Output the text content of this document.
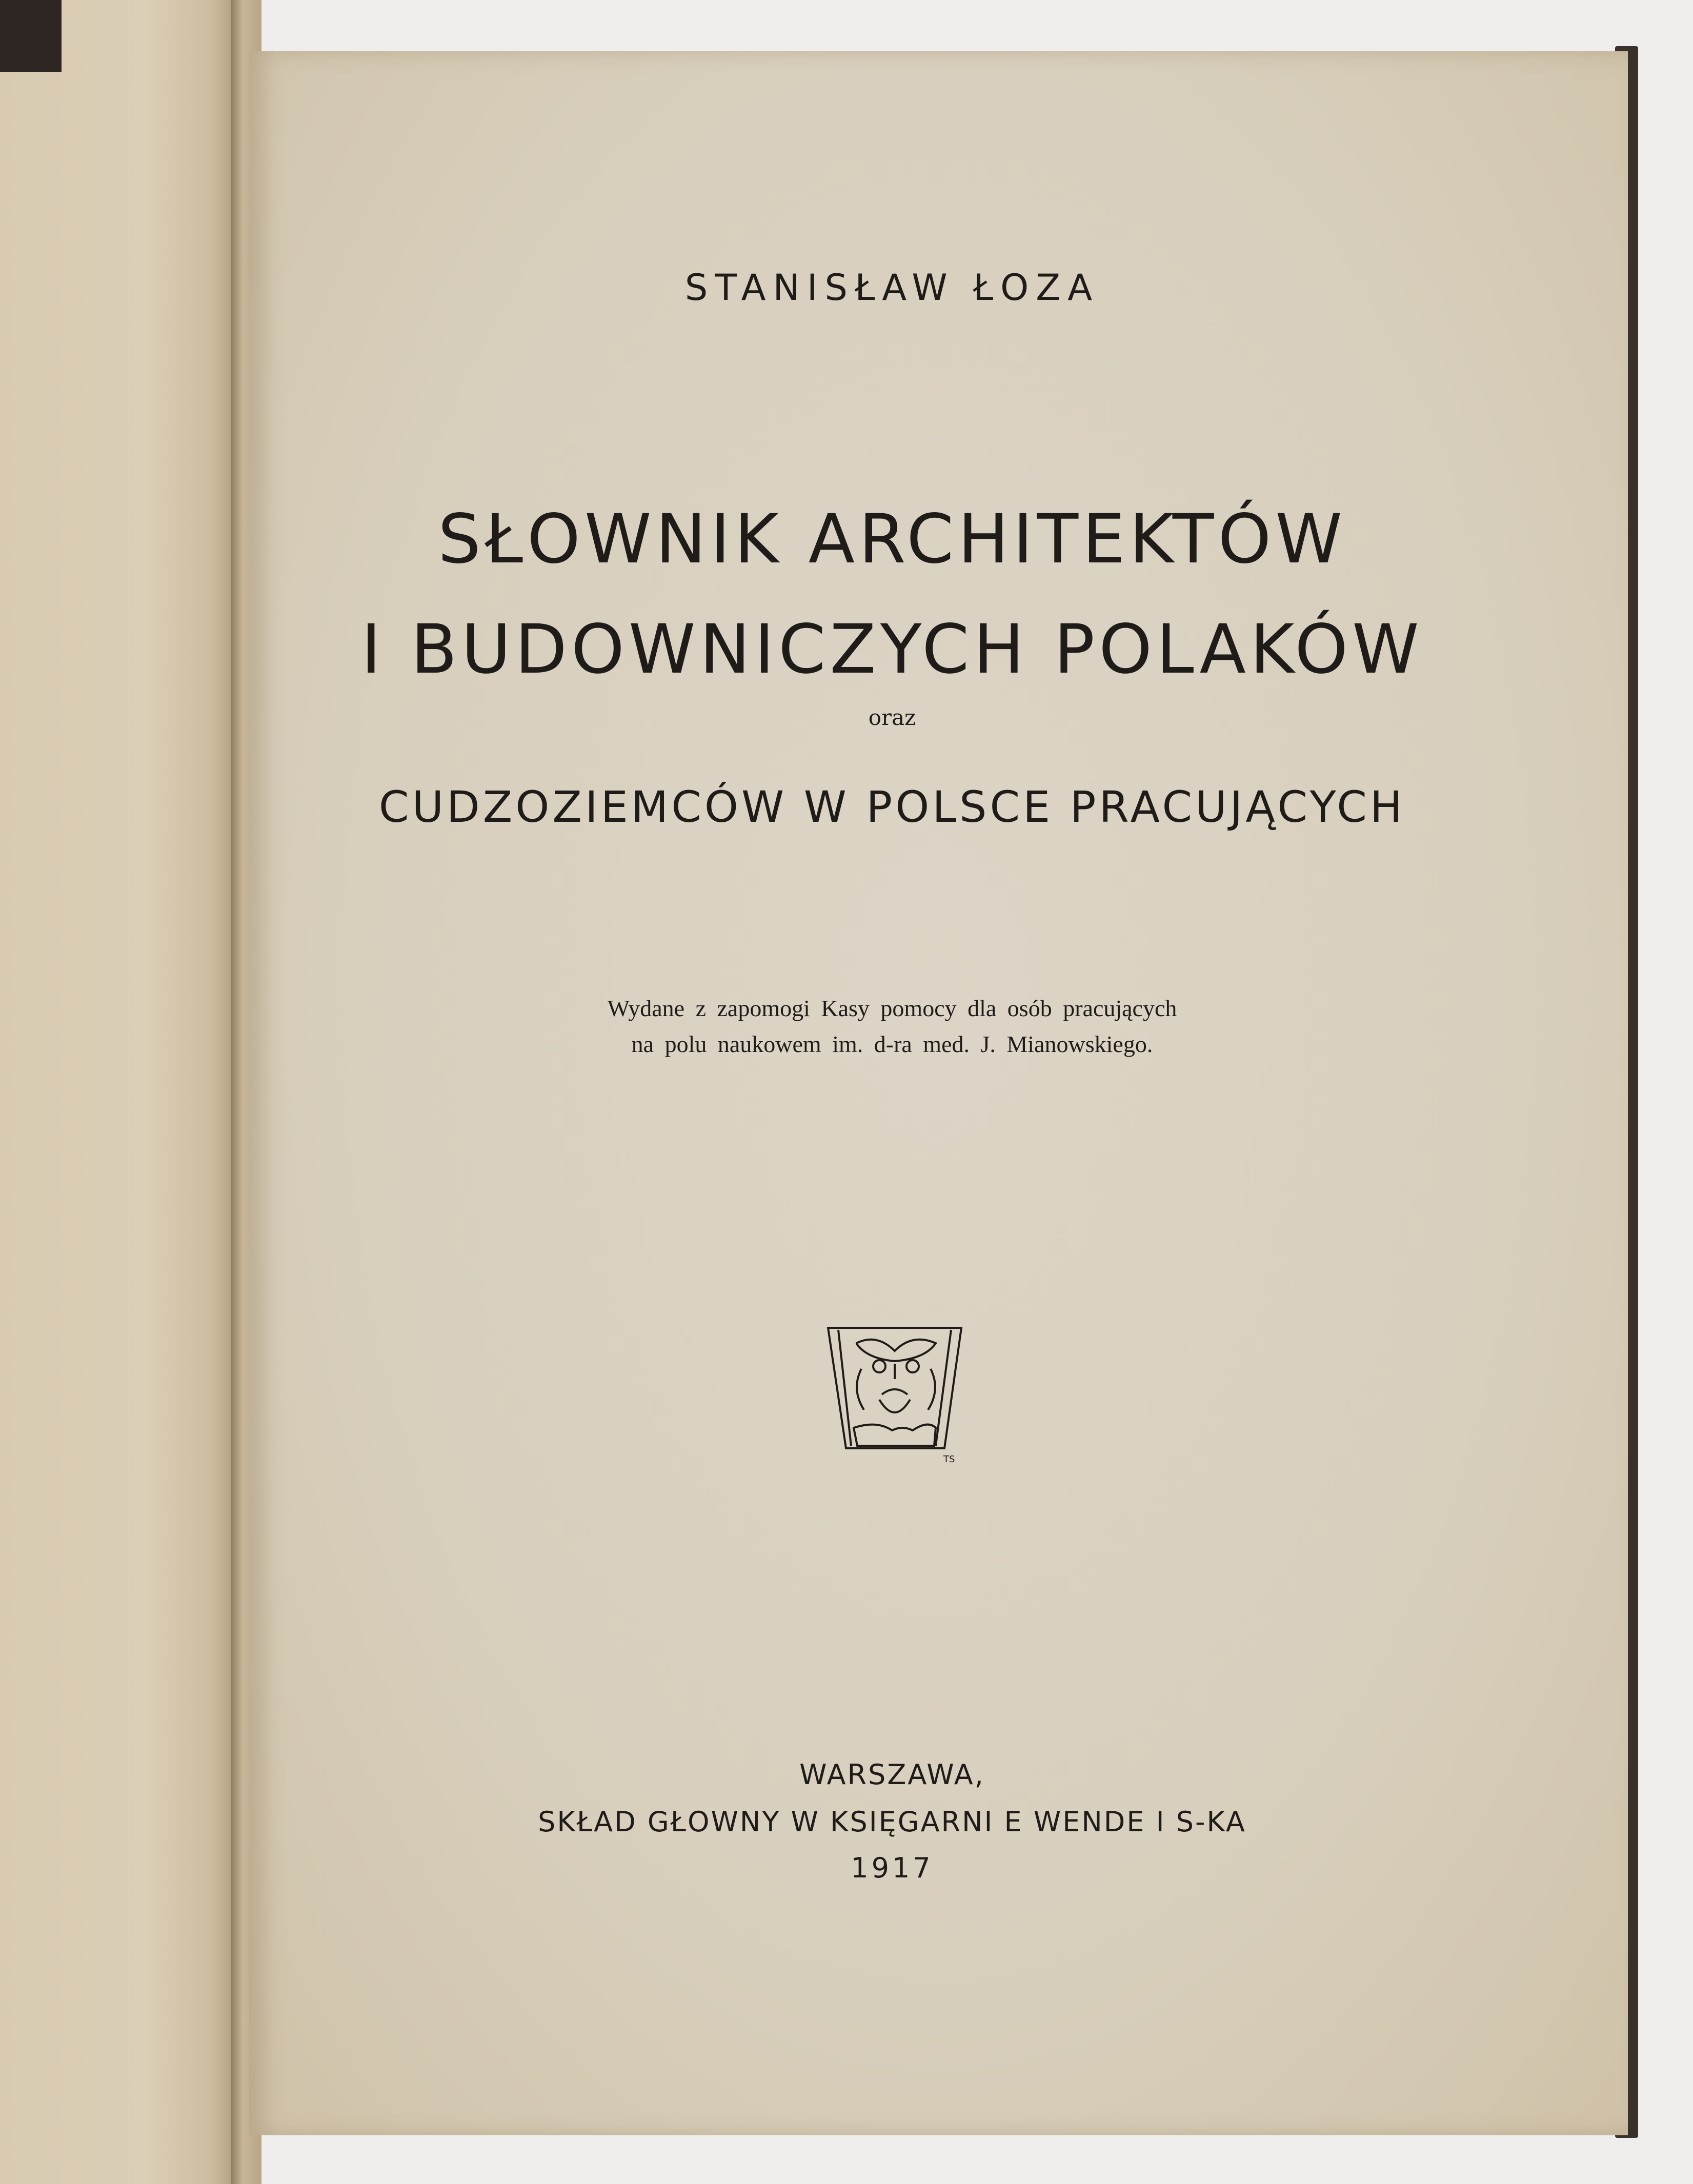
STANISŁAW ŁOZA
SŁOWNIK ARCHITEKTÓW
I BUDOWNICZYCH POLAKÓW
oraz
CUDZOZIEMCÓW W POLSCE PRACUJĄCYCH
Wydane z zapomogi Kasy pomocy dla osób pracujących
na polu naukowem im. d-ra med. J. Mianowskiego.
TS
WARSZAWA,
SKŁAD GŁOWNY W KSIĘGARNI E WENDE I S-KA
1917
